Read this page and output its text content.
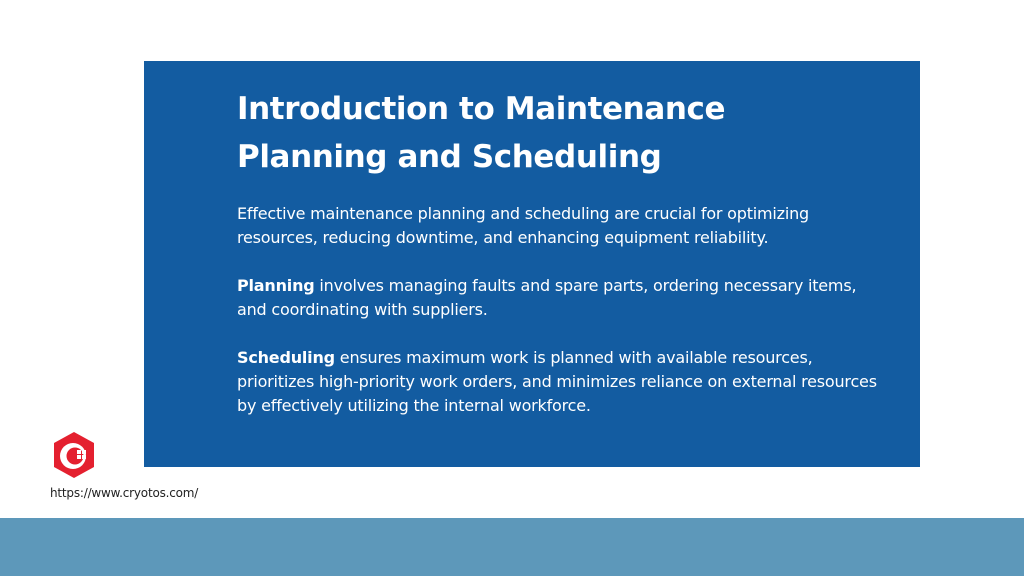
Introduction to Maintenance Planning and Scheduling

Effective maintenance planning and scheduling are crucial for optimizing resources, reducing downtime, and enhancing equipment reliability.

Planning involves managing faults and spare parts, ordering necessary items, and coordinating with suppliers.

Scheduling ensures maximum work is planned with available resources, prioritizes high-priority work orders, and minimizes reliance on external resources by effectively utilizing the internal workforce.

https://www.cryotos.com/
